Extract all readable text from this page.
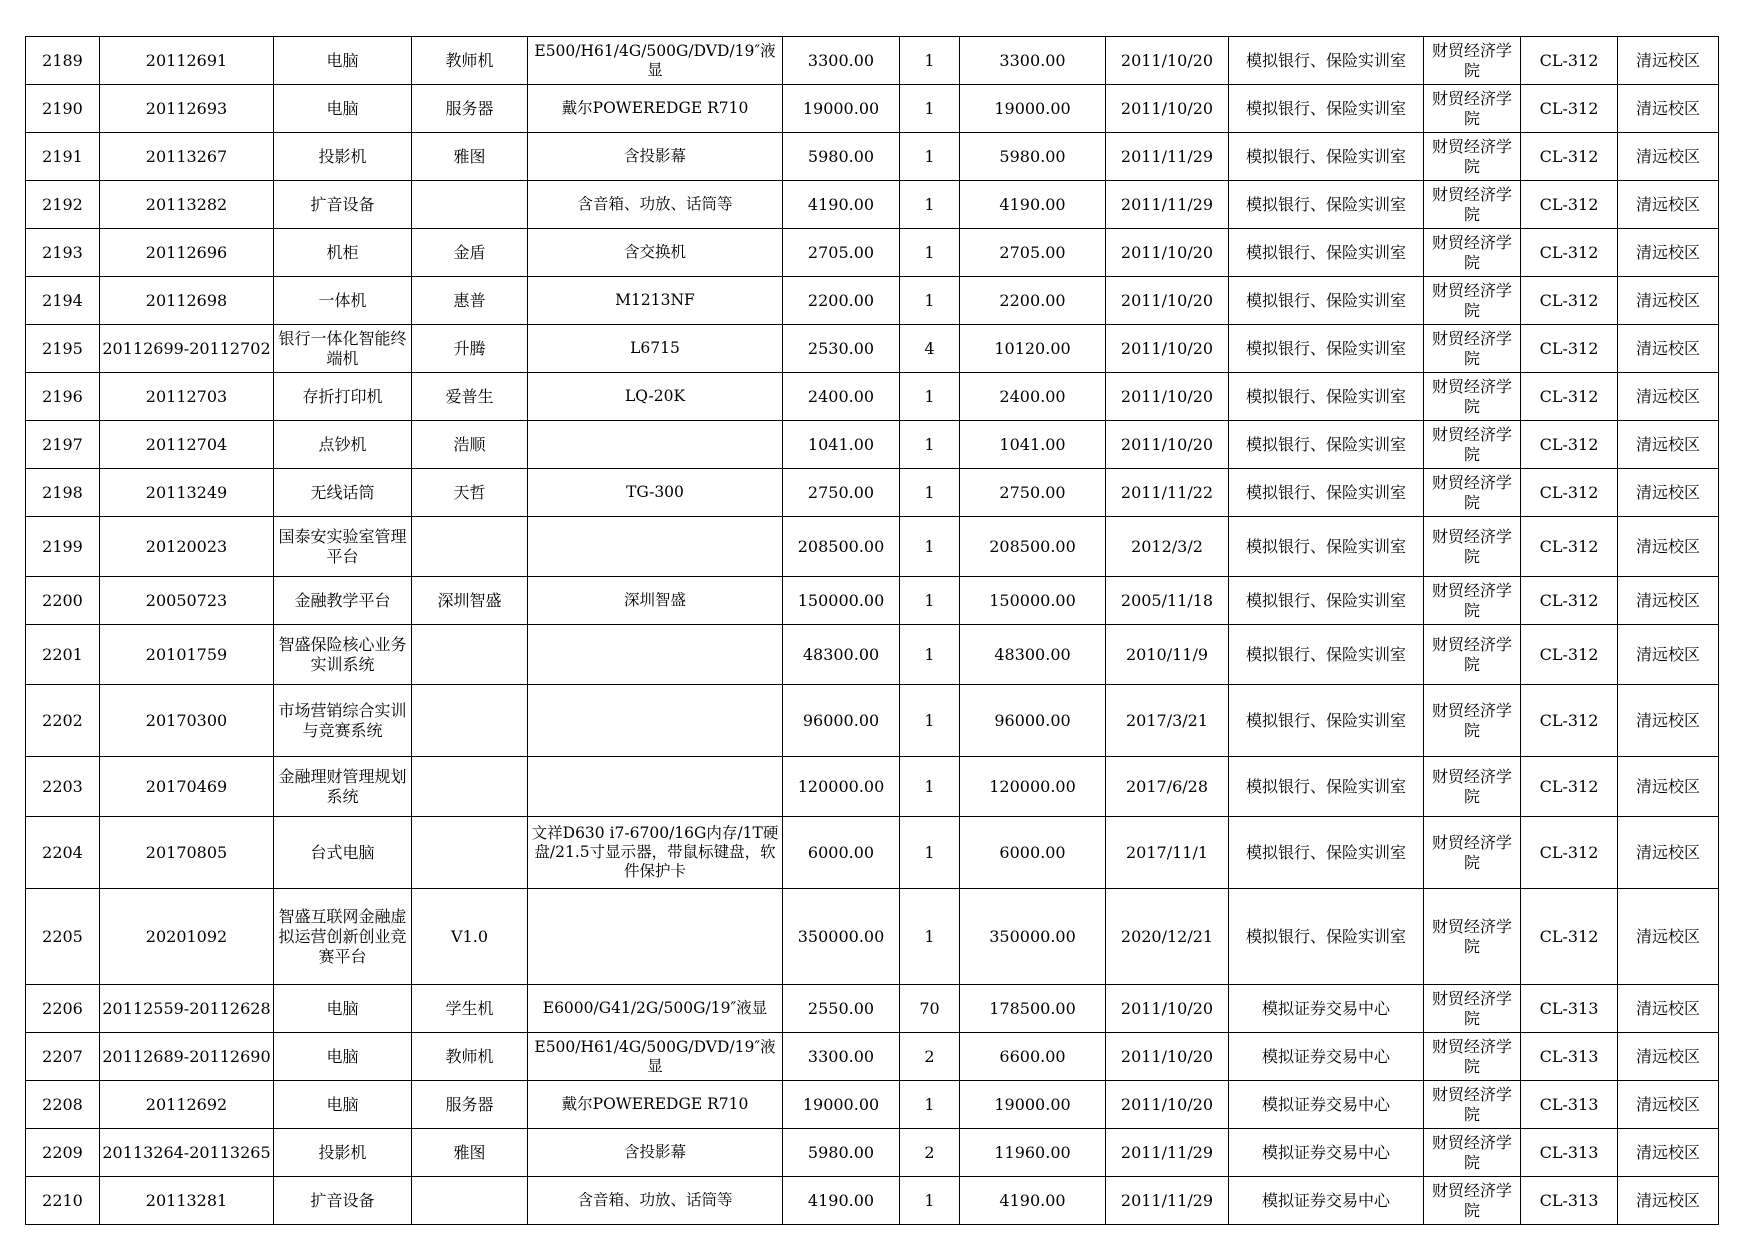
2189	20112691	电脑	教师机	E500/H61/4G/500G/DVD/19″液显	3300.00	1	3300.00	2011/10/20	模拟银行、保险实训室	财贸经济学院	CL-312	清远校区
2190	20112693	电脑	服务器	戴尔POWEREDGE R710	19000.00	1	19000.00	2011/10/20	模拟银行、保险实训室	财贸经济学院	CL-312	清远校区
2191	20113267	投影机	雅图	含投影幕	5980.00	1	5980.00	2011/11/29	模拟银行、保险实训室	财贸经济学院	CL-312	清远校区
2192	20113282	扩音设备		含音箱、功放、话筒等	4190.00	1	4190.00	2011/11/29	模拟银行、保险实训室	财贸经济学院	CL-312	清远校区
2193	20112696	机柜	金盾	含交换机	2705.00	1	2705.00	2011/10/20	模拟银行、保险实训室	财贸经济学院	CL-312	清远校区
2194	20112698	一体机	惠普	M1213NF	2200.00	1	2200.00	2011/10/20	模拟银行、保险实训室	财贸经济学院	CL-312	清远校区
2195	20112699-20112702	银行一体化智能终端机	升腾	L6715	2530.00	4	10120.00	2011/10/20	模拟银行、保险实训室	财贸经济学院	CL-312	清远校区
2196	20112703	存折打印机	爱普生	LQ-20K	2400.00	1	2400.00	2011/10/20	模拟银行、保险实训室	财贸经济学院	CL-312	清远校区
2197	20112704	点钞机	浩顺		1041.00	1	1041.00	2011/10/20	模拟银行、保险实训室	财贸经济学院	CL-312	清远校区
2198	20113249	无线话筒	天哲	TG-300	2750.00	1	2750.00	2011/11/22	模拟银行、保险实训室	财贸经济学院	CL-312	清远校区
2199	20120023	国泰安实验室管理平台			208500.00	1	208500.00	2012/3/2	模拟银行、保险实训室	财贸经济学院	CL-312	清远校区
2200	20050723	金融教学平台	深圳智盛	深圳智盛	150000.00	1	150000.00	2005/11/18	模拟银行、保险实训室	财贸经济学院	CL-312	清远校区
2201	20101759	智盛保险核心业务实训系统			48300.00	1	48300.00	2010/11/9	模拟银行、保险实训室	财贸经济学院	CL-312	清远校区
2202	20170300	市场营销综合实训与竞赛系统			96000.00	1	96000.00	2017/3/21	模拟银行、保险实训室	财贸经济学院	CL-312	清远校区
2203	20170469	金融理财管理规划系统			120000.00	1	120000.00	2017/6/28	模拟银行、保险实训室	财贸经济学院	CL-312	清远校区
2204	20170805	台式电脑		文祥D630 i7-6700/16G内存/1T硬盘/21.5寸显示器，带鼠标键盘，软件保护卡	6000.00	1	6000.00	2017/11/1	模拟银行、保险实训室	财贸经济学院	CL-312	清远校区
2205	20201092	智盛互联网金融虚拟运营创新创业竞赛平台	V1.0		350000.00	1	350000.00	2020/12/21	模拟银行、保险实训室	财贸经济学院	CL-312	清远校区
2206	20112559-20112628	电脑	学生机	E6000/G41/2G/500G/19″液显	2550.00	70	178500.00	2011/10/20	模拟证券交易中心	财贸经济学院	CL-313	清远校区
2207	20112689-20112690	电脑	教师机	E500/H61/4G/500G/DVD/19″液显	3300.00	2	6600.00	2011/10/20	模拟证券交易中心	财贸经济学院	CL-313	清远校区
2208	20112692	电脑	服务器	戴尔POWEREDGE R710	19000.00	1	19000.00	2011/10/20	模拟证券交易中心	财贸经济学院	CL-313	清远校区
2209	20113264-20113265	投影机	雅图	含投影幕	5980.00	2	11960.00	2011/11/29	模拟证券交易中心	财贸经济学院	CL-313	清远校区
2210	20113281	扩音设备		含音箱、功放、话筒等	4190.00	1	4190.00	2011/11/29	模拟证券交易中心	财贸经济学院	CL-313	清远校区
